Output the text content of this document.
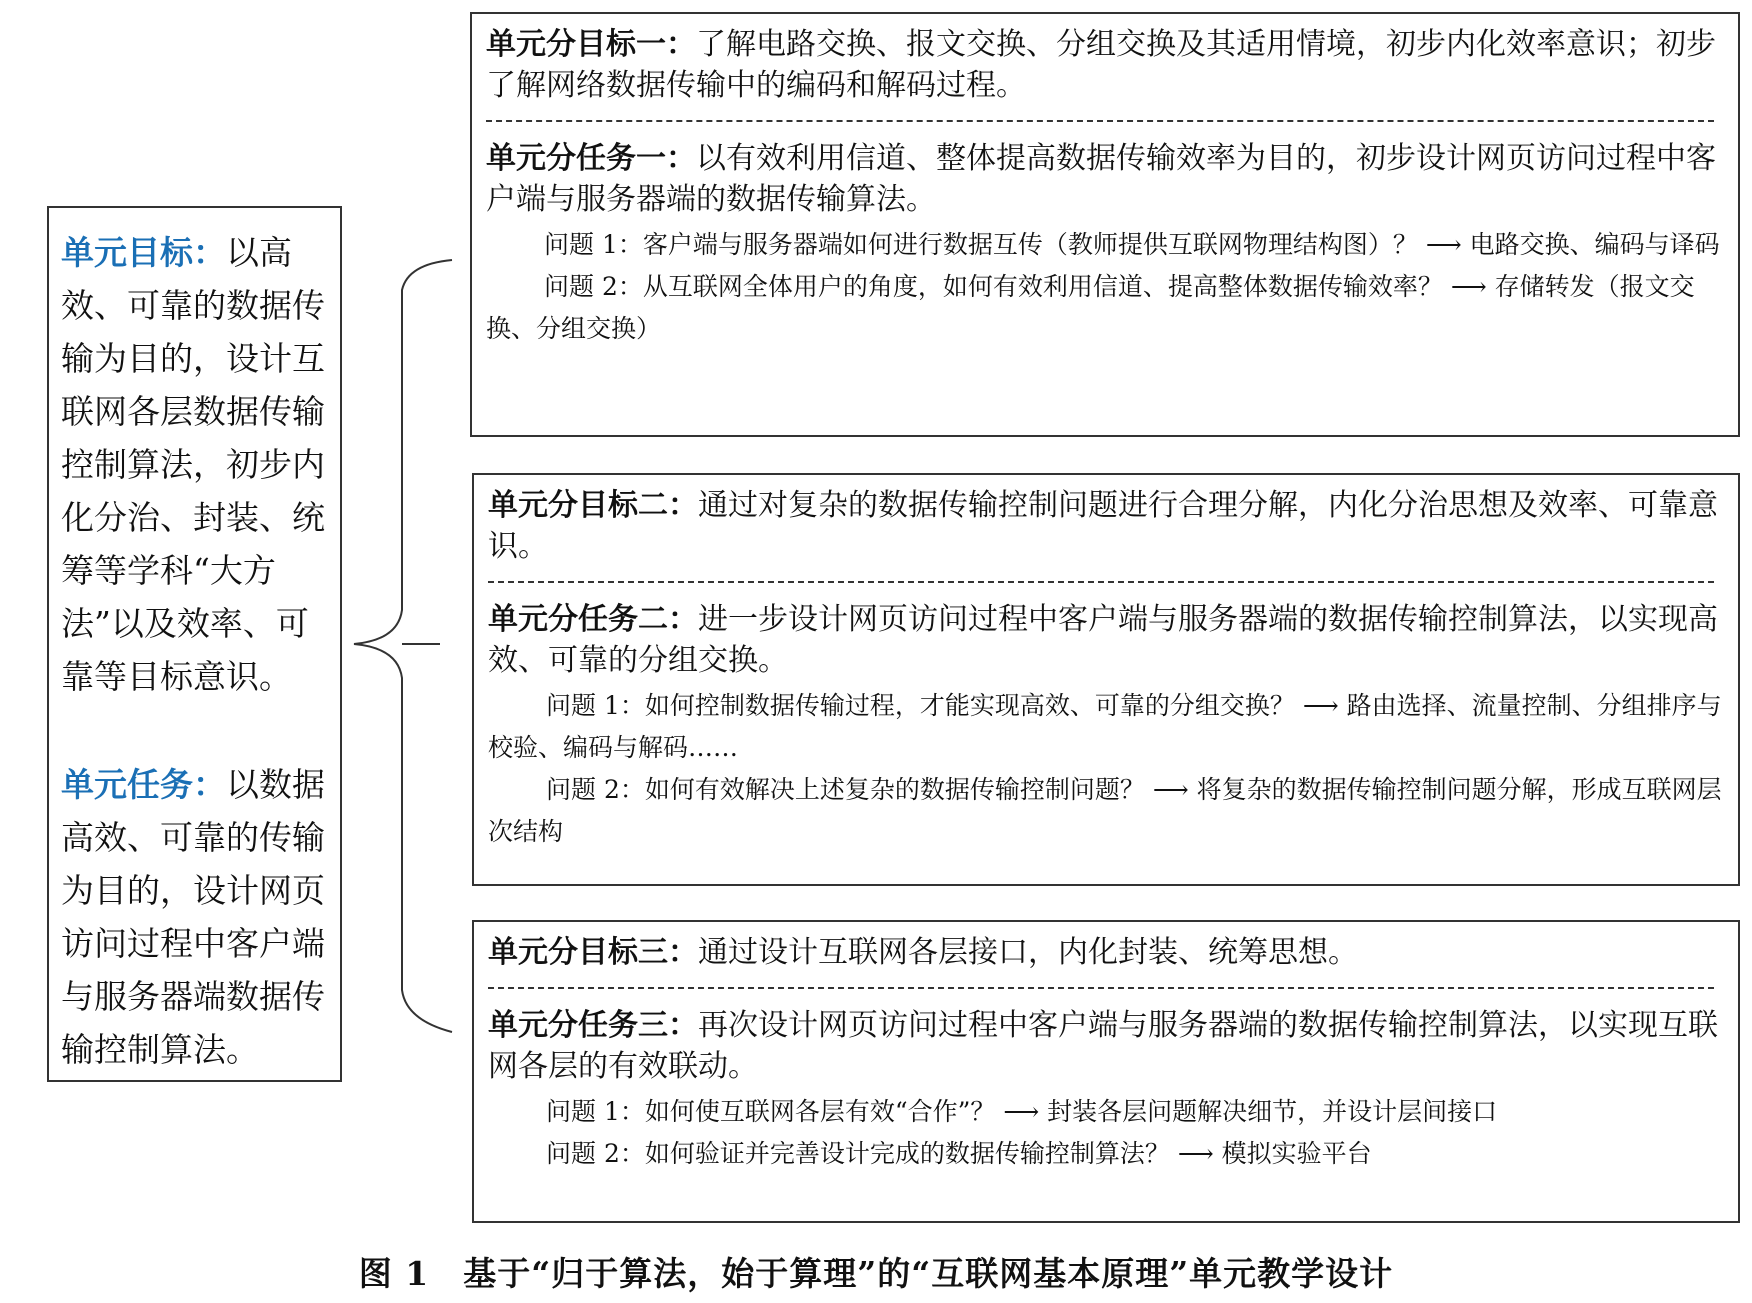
单元目标：以高效、可靠的数据传输为目的，设计互联网各层数据传输控制算法，初步内化分治、封装、统筹等学科“大方法”以及效率、可靠等目标意识。

单元任务：以数据高效、可靠的传输为目的，设计网页访问过程中客户端与服务器端数据传输控制算法。

单元分目标一：了解电路交换、报文交换、分组交换及其适用情境，初步内化效率意识；初步了解网络数据传输中的编码和解码过程。

单元分任务一：以有效利用信道、整体提高数据传输效率为目的，初步设计网页访问过程中客户端与服务器端的数据传输算法。

问题 1：客户端与服务器端如何进行数据互传（教师提供互联网物理结构图）？ ⟶ 电路交换、编码与译码

问题 2：从互联网全体用户的角度，如何有效利用信道、提高整体数据传输效率？ ⟶ 存储转发（报文交换、分组交换）

单元分目标二：通过对复杂的数据传输控制问题进行合理分解，内化分治思想及效率、可靠意识。

单元分任务二：进一步设计网页访问过程中客户端与服务器端的数据传输控制算法，以实现高效、可靠的分组交换。

问题 1：如何控制数据传输过程，才能实现高效、可靠的分组交换？ ⟶ 路由选择、流量控制、分组排序与校验、编码与解码……

问题 2：如何有效解决上述复杂的数据传输控制问题？ ⟶ 将复杂的数据传输控制问题分解，形成互联网层次结构

单元分目标三：通过设计互联网各层接口，内化封装、统筹思想。

单元分任务三：再次设计网页访问过程中客户端与服务器端的数据传输控制算法，以实现互联网各层的有效联动。

问题 1：如何使互联网各层有效“合作”？ ⟶ 封装各层问题解决细节，并设计层间接口

问题 2：如何验证并完善设计完成的数据传输控制算法？ ⟶ 模拟实验平台

图 1　基于“归于算法，始于算理”的“互联网基本原理”单元教学设计
